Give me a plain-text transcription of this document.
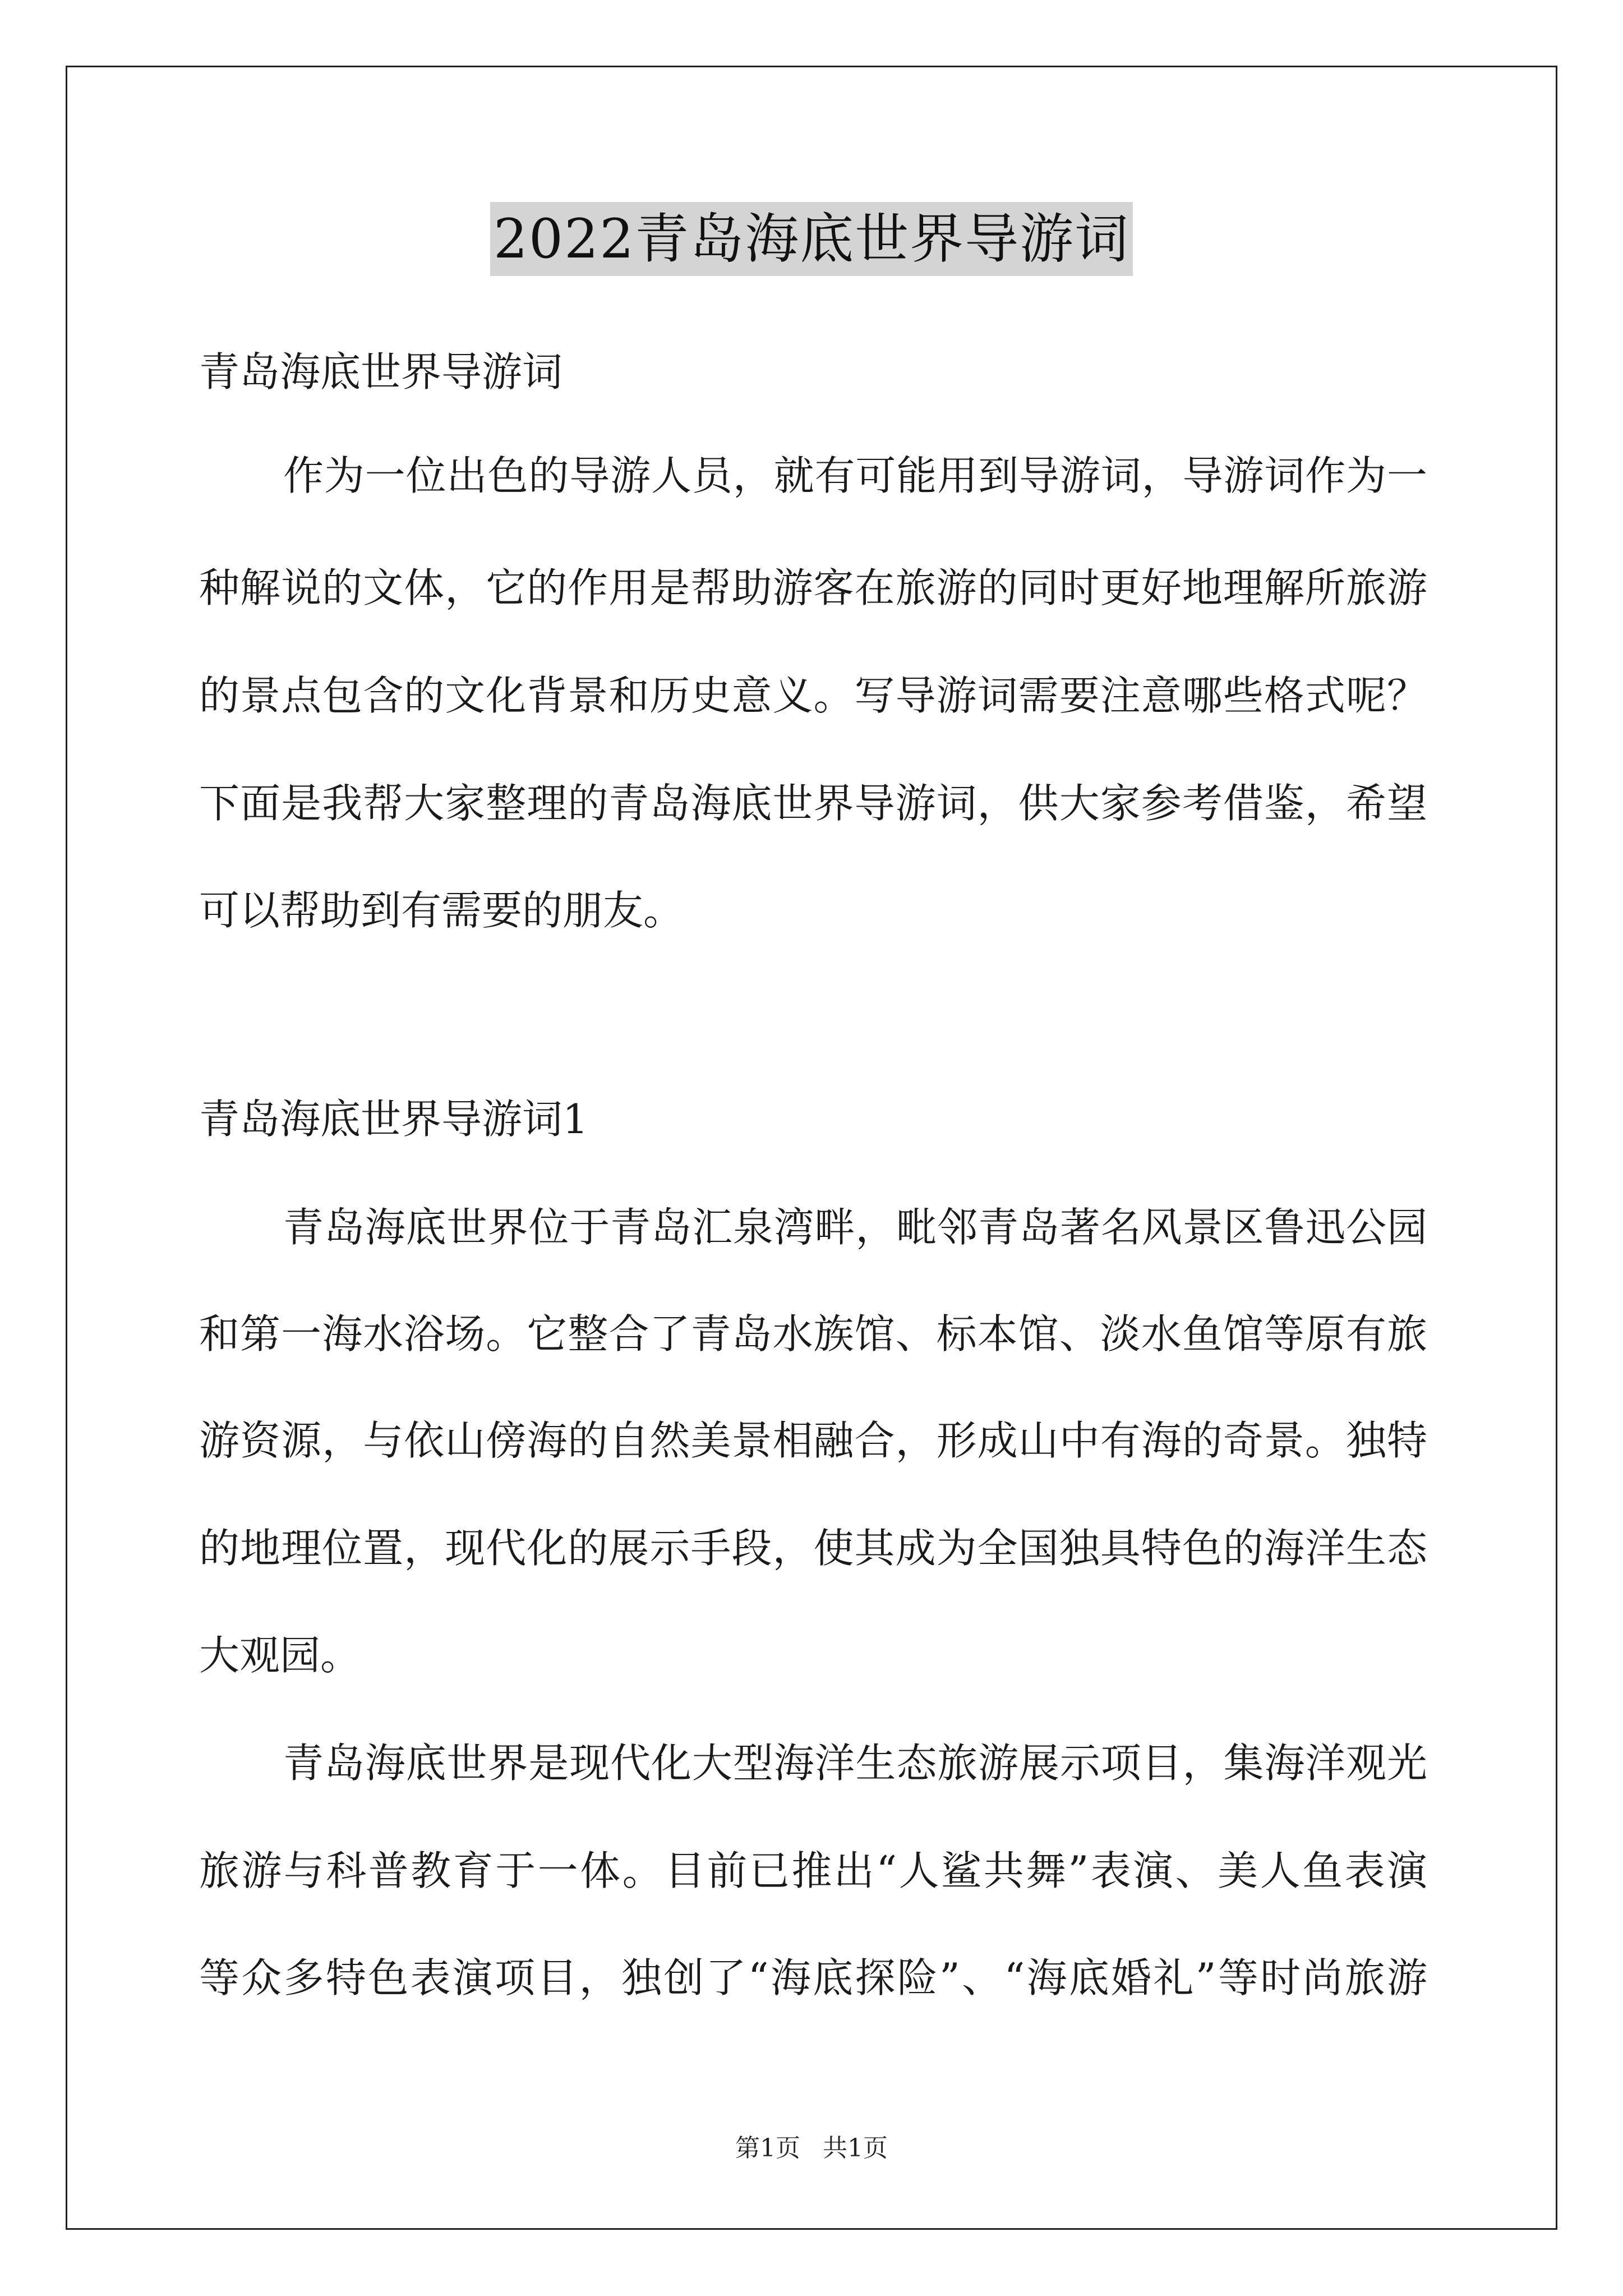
2022青岛海底世界导游词
青岛海底世界导游词
作为一位出色的导游人员，就有可能用到导游词，导游词作为一
种解说的文体，它的作用是帮助游客在旅游的同时更好地理解所旅游
的景点包含的文化背景和历史意义。写导游词需要注意哪些格式呢？
下面是我帮大家整理的青岛海底世界导游词，供大家参考借鉴，希望
可以帮助到有需要的朋友。
青岛海底世界导游词1
青岛海底世界位于青岛汇泉湾畔，毗邻青岛著名风景区鲁迅公园
和第一海水浴场。它整合了青岛水族馆、标本馆、淡水鱼馆等原有旅
游资源，与依山傍海的自然美景相融合，形成山中有海的奇景。独特
的地理位置，现代化的展示手段，使其成为全国独具特色的海洋生态
大观园。
青岛海底世界是现代化大型海洋生态旅游展示项目，集海洋观光
旅游与科普教育于一体。目前已推出“人鲨共舞”表演、美人鱼表演
等众多特色表演项目，独创了“海底探险”、“海底婚礼”等时尚旅游
第1页 共1页
